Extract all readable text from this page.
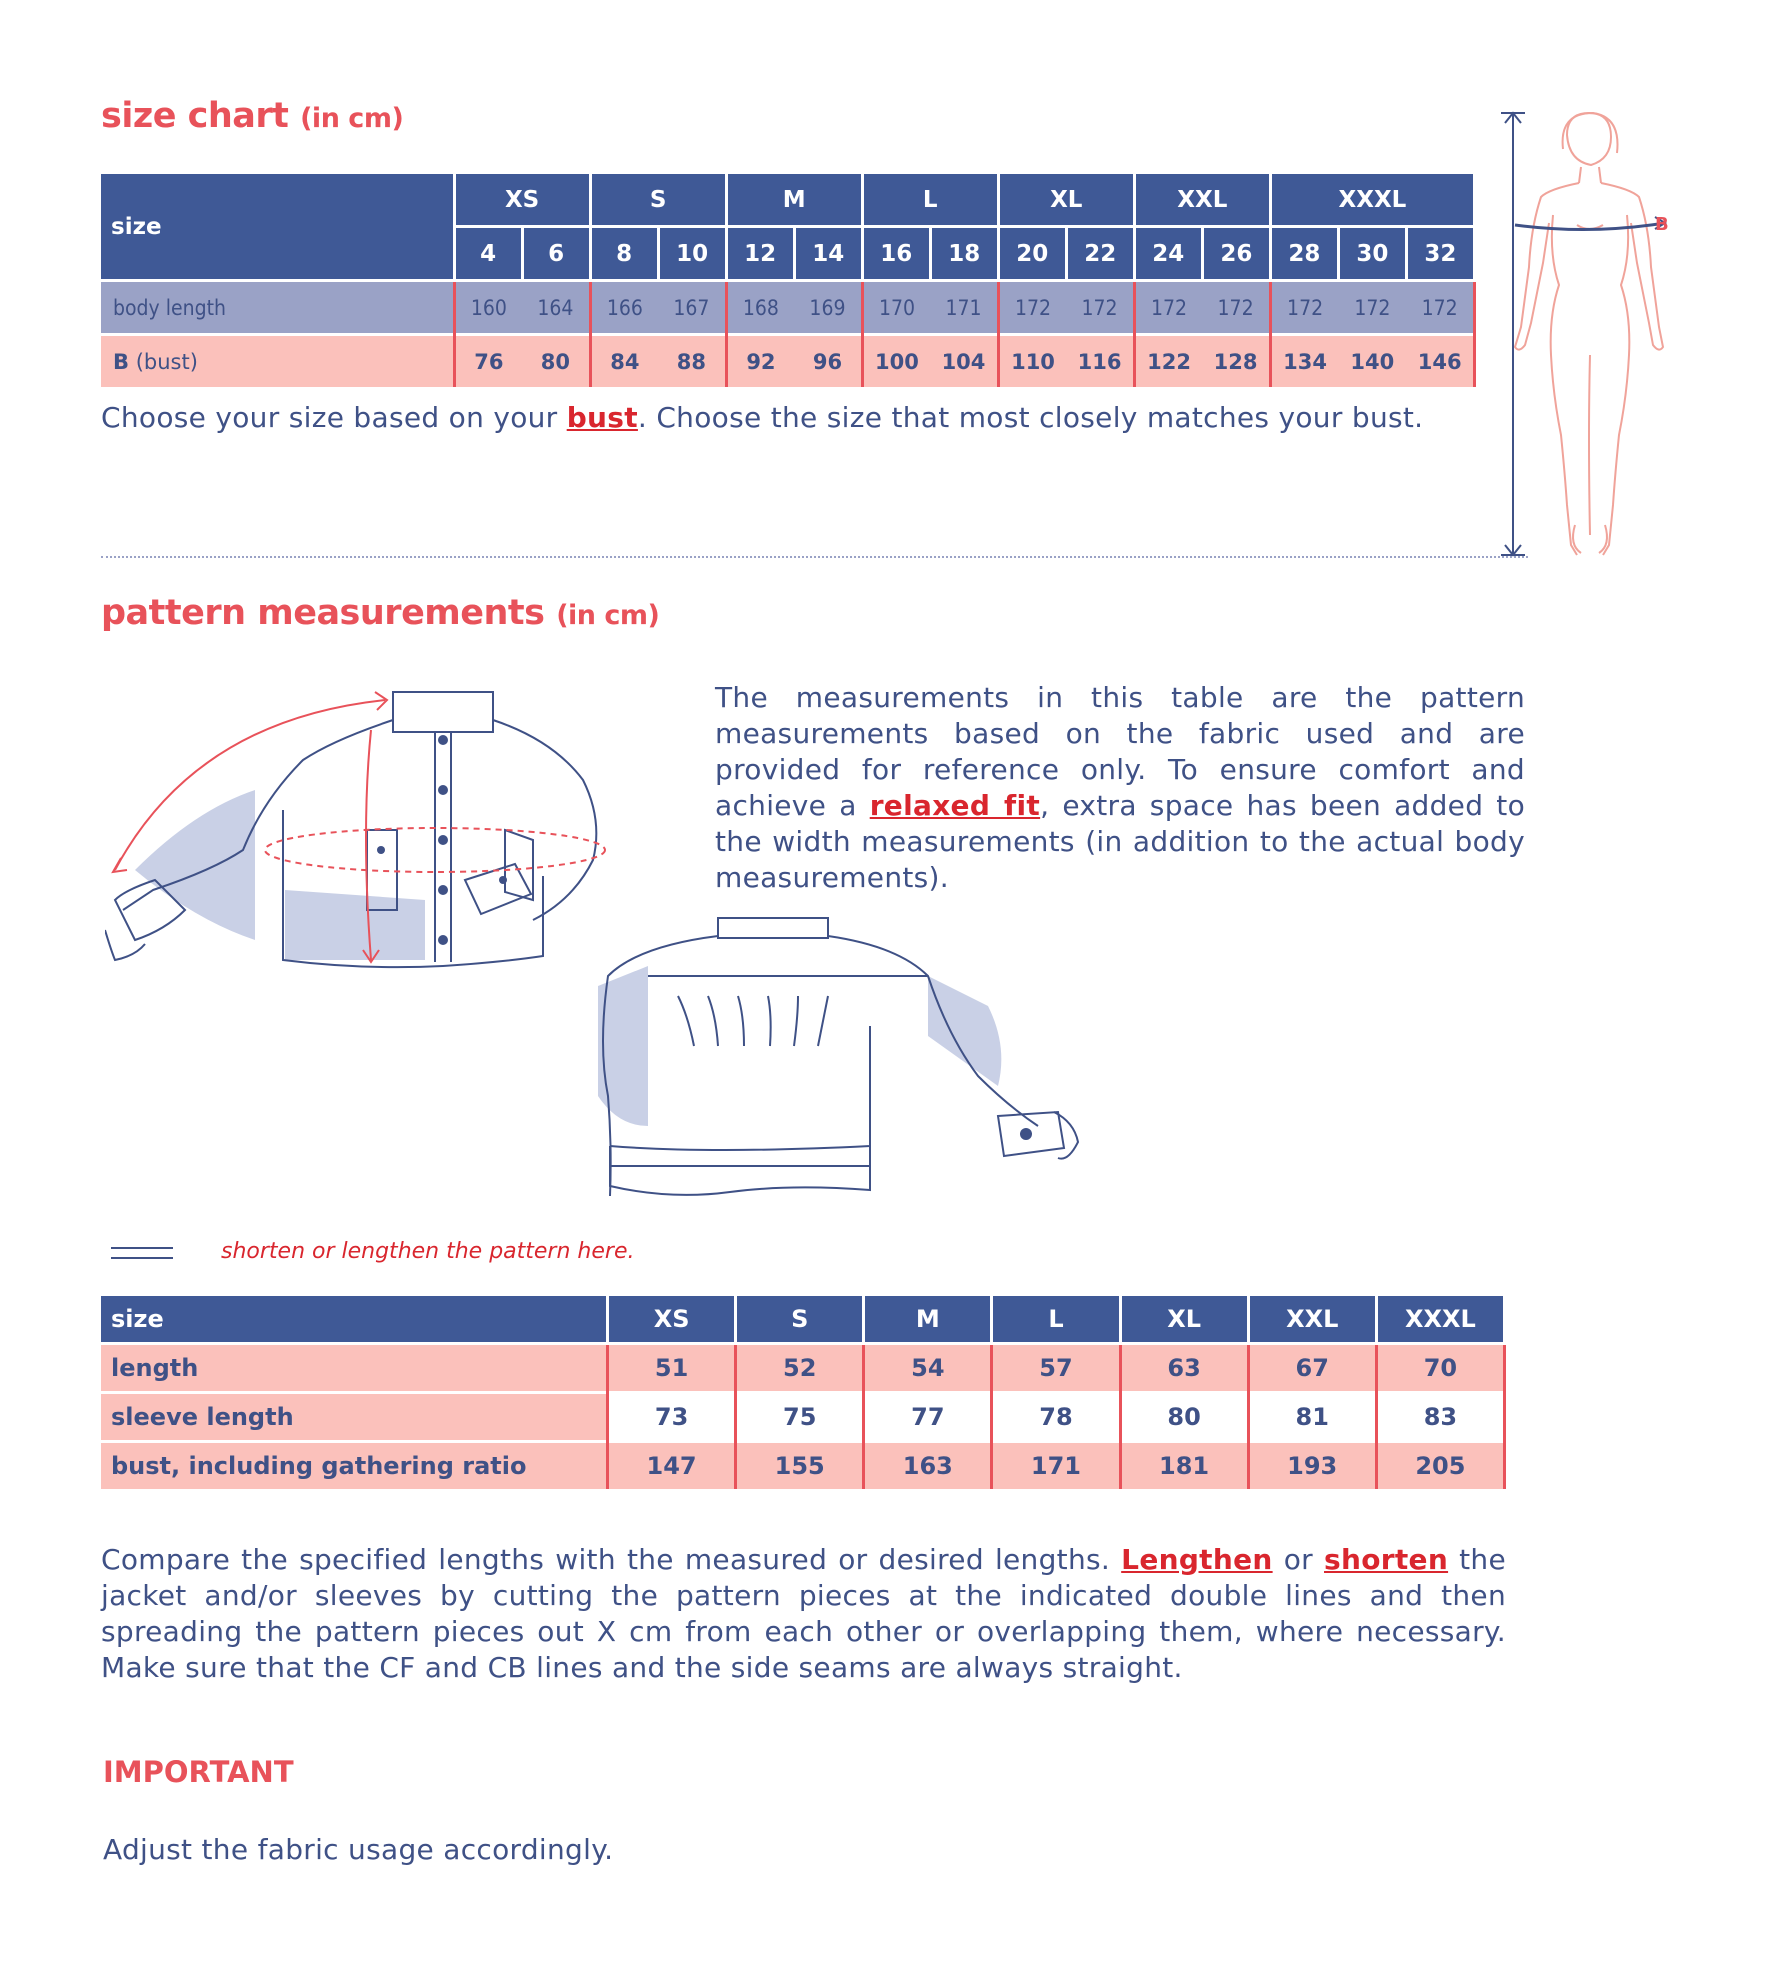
size chart (in cm)
size	XS		S		M		L		XL		XXL		XXXL		
	4	6	8	10	12	14	16	18	20	22	24	26	28	30	32
body length	160	164	166	167	168	169	170	171	172	172	172	172	172	172	172
B (bust)	76	80	84	88	92	96	100	104	110	116	122	128	134	140	146
Choose your size based on your bust. Choose the size that most closely matches your bust.
B
pattern measurements (in cm)
The measurements in this table are the pattern measurements based on the fabric used and are provided for reference only. To ensure comfort and achieve a relaxed fit, extra space has been added to the width measurements (in addition to the actual body measurements).
shorten or lengthen the pattern here.
size	XS	S	M	L	XL	XXL	XXXL
length	51	52	54	57	63	67	70
sleeve length	73	75	77	78	80	81	83
bust, including gathering ratio	147	155	163	171	181	193	205
Compare the specified lengths with the measured or desired lengths. Lengthen or shorten the jacket and/or sleeves by cutting the pattern pieces at the indicated double lines and then spreading the pattern pieces out X cm from each other or overlapping them, where necessary. Make sure that the CF and CB lines and the side seams are always straight.
IMPORTANT
Adjust the fabric usage accordingly.
